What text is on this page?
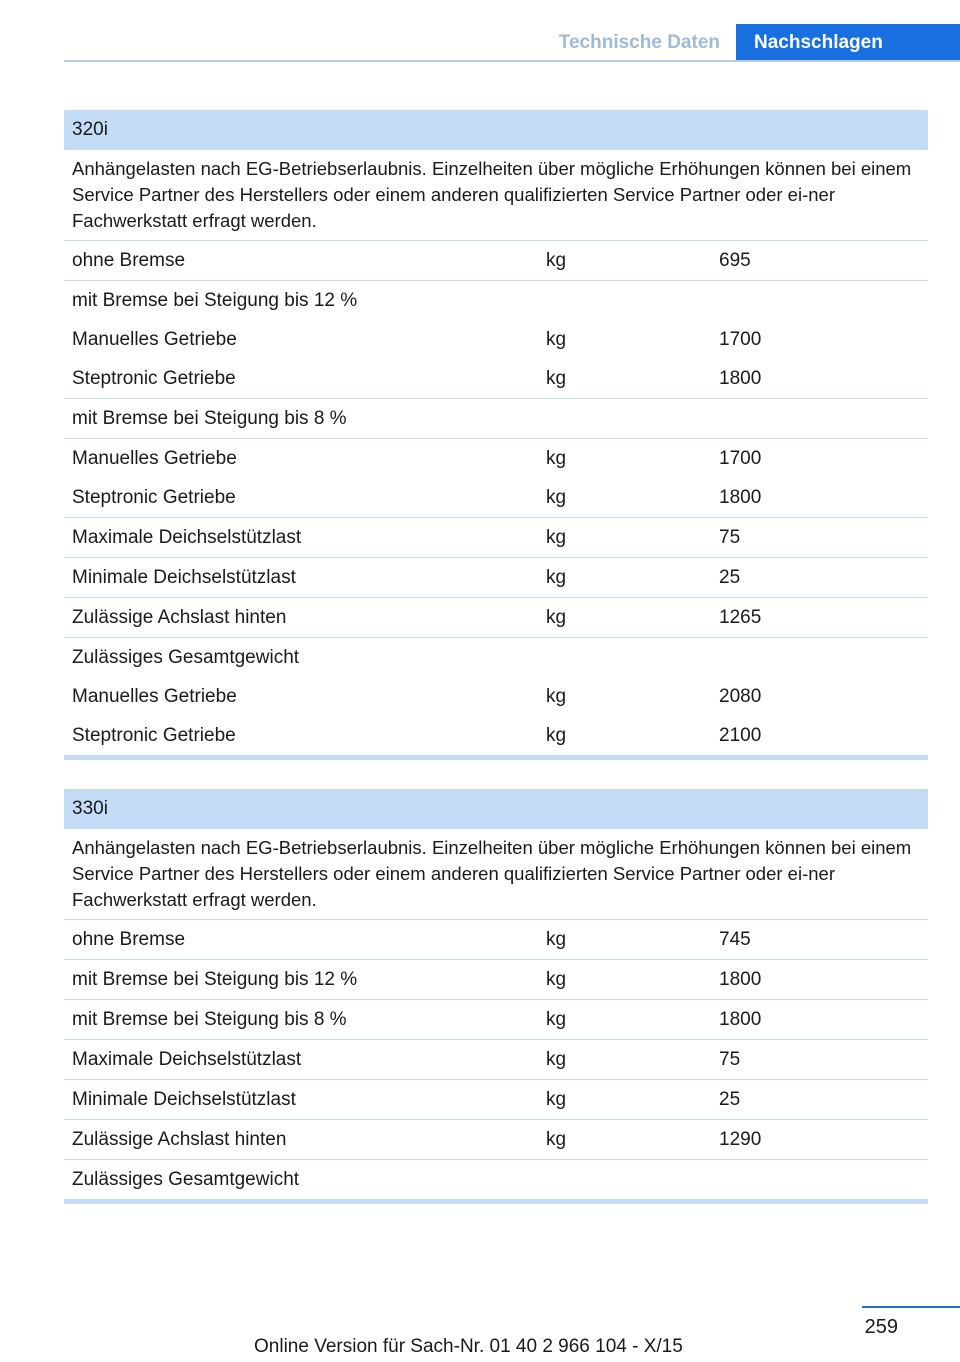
Technische Daten	Nachschlagen
320i
Anhängelasten nach EG-Betriebserlaubnis. Einzelheiten über mögliche Erhöhungen können bei einem Service Partner des Herstellers oder einem anderen qualifizierten Service Partner oder ei-ner Fachwerkstatt erfragt werden.
ohne Bremse	kg	695
mit Bremse bei Steigung bis 12 %
Manuelles Getriebe	kg	1700
Steptronic Getriebe	kg	1800
mit Bremse bei Steigung bis 8 %
Manuelles Getriebe	kg	1700
Steptronic Getriebe	kg	1800
Maximale Deichselstützlast	kg	75
Minimale Deichselstützlast	kg	25
Zulässige Achslast hinten	kg	1265
Zulässiges Gesamtgewicht
Manuelles Getriebe	kg	2080
Steptronic Getriebe	kg	2100
330i
Anhängelasten nach EG-Betriebserlaubnis. Einzelheiten über mögliche Erhöhungen können bei einem Service Partner des Herstellers oder einem anderen qualifizierten Service Partner oder ei-ner Fachwerkstatt erfragt werden.
ohne Bremse	kg	745
mit Bremse bei Steigung bis 12 %	kg	1800
mit Bremse bei Steigung bis 8 %	kg	1800
Maximale Deichselstützlast	kg	75
Minimale Deichselstützlast	kg	25
Zulässige Achslast hinten	kg	1290
Zulässiges Gesamtgewicht
259
Online Version für Sach-Nr. 01 40 2 966 104 - X/15
